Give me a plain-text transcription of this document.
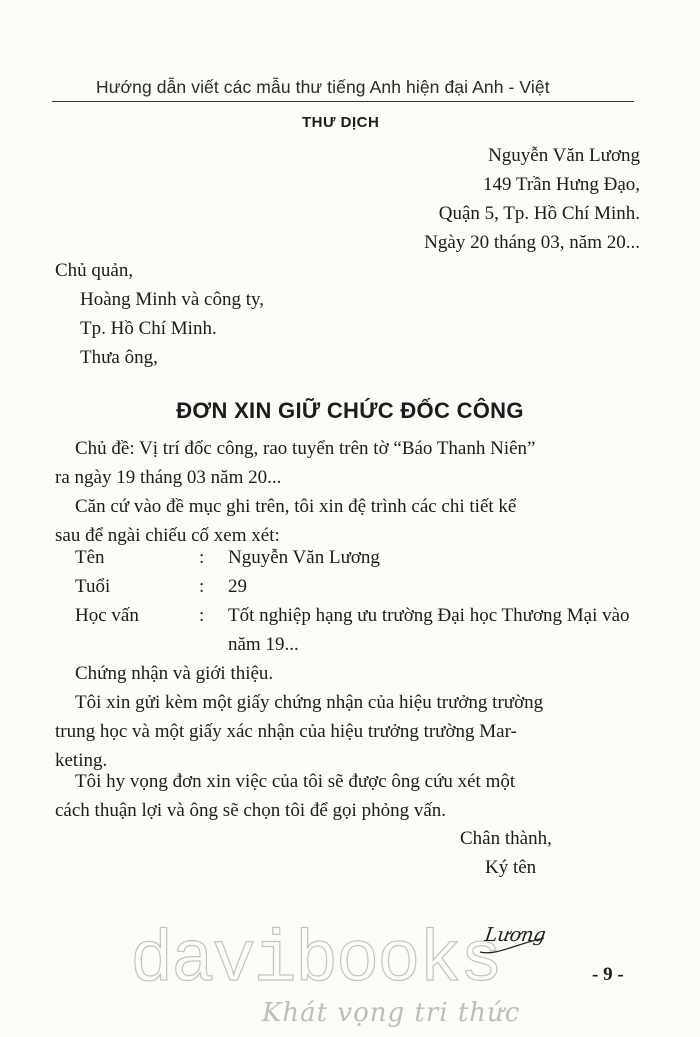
Hướng dẫn viết các mẫu thư tiếng Anh hiện đại Anh - Việt
THƯ DỊCH
Nguyễn Văn Lương
149 Trần Hưng Đạo,
Quận 5, Tp. Hồ Chí Minh.
Ngày 20 tháng 03, năm 20...
Chủ quản,
Hoàng Minh và công ty,
Tp. Hồ Chí Minh.
Thưa ông,
ĐƠN XIN GIỮ CHỨC ĐỐC CÔNG
Chủ đề: Vị trí đốc công, rao tuyển trên tờ “Báo Thanh Niên”
ra ngày 19 tháng 03 năm 20...
Căn cứ vào đề mục ghi trên, tôi xin đệ trình các chi tiết kể
sau để ngài chiếu cố xem xét:
Tên	: Nguyễn Văn Lương
Tuổi	: 29
Học vấn	: Tốt nghiệp hạng ưu trường Đại học Thương Mại vào năm 19...
Chứng nhận và giới thiệu.
Tôi xin gửi kèm một giấy chứng nhận của hiệu trưởng trường
trung học và một giấy xác nhận của hiệu trưởng trường Mar-
keting.
Tôi hy vọng đơn xin việc của tôi sẽ được ông cứu xét một
cách thuận lợi và ông sẽ chọn tôi để gọi phỏng vấn.
Chân thành,
Ký tên
Lương
davibooks
Khát vọng tri thức
- 9 -
